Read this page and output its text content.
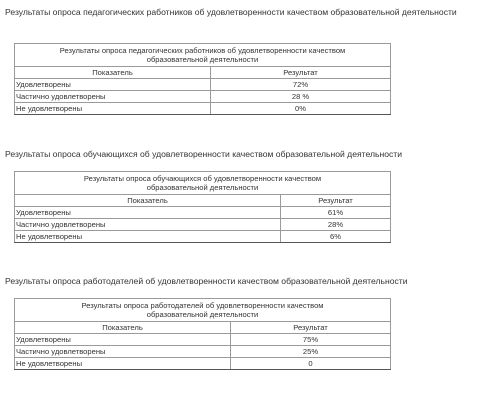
Результаты опроса педагогических работников об удовлетворенности качеством образовательной деятельности
Результаты опроса педагогических работников об удовлетворенности качеством образовательной деятельности	
Показатель	Результат
Удовлетворены	72%
Частично удовлетворены	28 %
Не удовлетворены	0%
Результаты опроса обучающихся об удовлетворенности качеством образовательной деятельности
Результаты опроса обучающихся об удовлетворенности качеством образовательной деятельности	
Показатель	Результат
Удовлетворены	61%
Частично удовлетворены	28%
Не удовлетворены	6%
Результаты опроса работодателей об удовлетворенности качеством образовательной деятельности
Результаты опроса работодателей об удовлетворенности качеством образовательной деятельности	
Показатель	Результат
Удовлетворены	75%
Частично удовлетворены	25%
Не удовлетворены	0
